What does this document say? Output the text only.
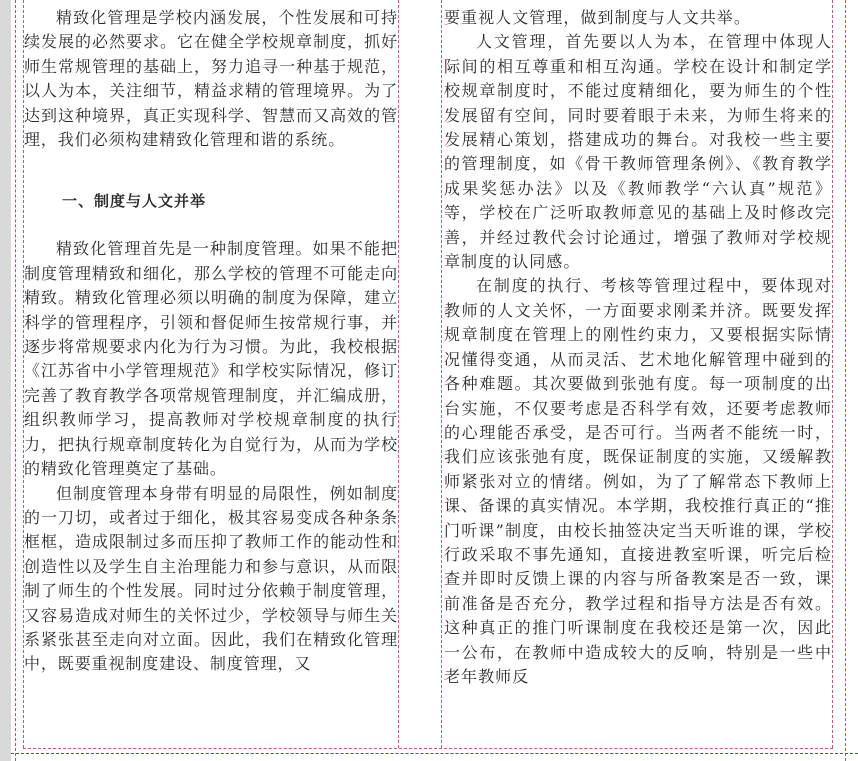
精致化管理是学校内涵发展，个性发展和可持续发展的必然要求。它在健全学校规章制度，抓好师生常规管理的基础上，努力追寻一种基于规范，以人为本，关注细节，精益求精的管理境界。为了达到这种境界，真正实现科学、智慧而又高效的管理，我们必须构建精致化管理和谐的系统。

一、制度与人文并举

精致化管理首先是一种制度管理。如果不能把制度管理精致和细化，那么学校的管理不可能走向精致。精致化管理必须以明确的制度为保障，建立科学的管理程序，引领和督促师生按常规行事，并逐步将常规要求内化为行为习惯。为此，我校根据《江苏省中小学管理规范》和学校实际情况，修订完善了教育教学各项常规管理制度，并汇编成册，组织教师学习，提高教师对学校规章制度的执行力，把执行规章制度转化为自觉行为，从而为学校的精致化管理奠定了基础。

但制度管理本身带有明显的局限性，例如制度的一刀切，或者过于细化，极其容易变成各种条条框框，造成限制过多而压抑了教师工作的能动性和创造性以及学生自主治理能力和参与意识，从而限制了师生的个性发展。同时过分依赖于制度管理，又容易造成对师生的关怀过少，学校领导与师生关系紧张甚至走向对立面。因此，我们在精致化管理中，既要重视制度建设、制度管理，又

要重视人文管理，做到制度与人文共举。

人文管理，首先要以人为本，在管理中体现人际间的相互尊重和相互沟通。学校在设计和制定学校规章制度时，不能过度精细化，要为师生的个性发展留有空间，同时要着眼于未来，为师生将来的发展精心策划，搭建成功的舞台。对我校一些主要的管理制度，如《骨干教师管理条例》、《教育教学成果奖惩办法》以及《教师教学“六认真”规范》等，学校在广泛听取教师意见的基础上及时修改完善，并经过教代会讨论通过，增强了教师对学校规章制度的认同感。

在制度的执行、考核等管理过程中，要体现对教师的人文关怀，一方面要求刚柔并济。既要发挥规章制度在管理上的刚性约束力，又要根据实际情况懂得变通，从而灵活、艺术地化解管理中碰到的各种难题。其次要做到张弛有度。每一项制度的出台实施，不仅要考虑是否科学有效，还要考虑教师的心理能否承受，是否可行。当两者不能统一时，我们应该张弛有度，既保证制度的实施，又缓解教师紧张对立的情绪。例如，为了了解常态下教师上课、备课的真实情况。本学期，我校推行真正的“推门听课”制度，由校长抽签决定当天听谁的课，学校行政采取不事先通知，直接进教室听课，听完后检查并即时反馈上课的内容与所备教案是否一致，课前准备是否充分，教学过程和指导方法是否有效。这种真正的推门听课制度在我校还是第一次，因此一公布，在教师中造成较大的反响，特别是一些中老年教师反
